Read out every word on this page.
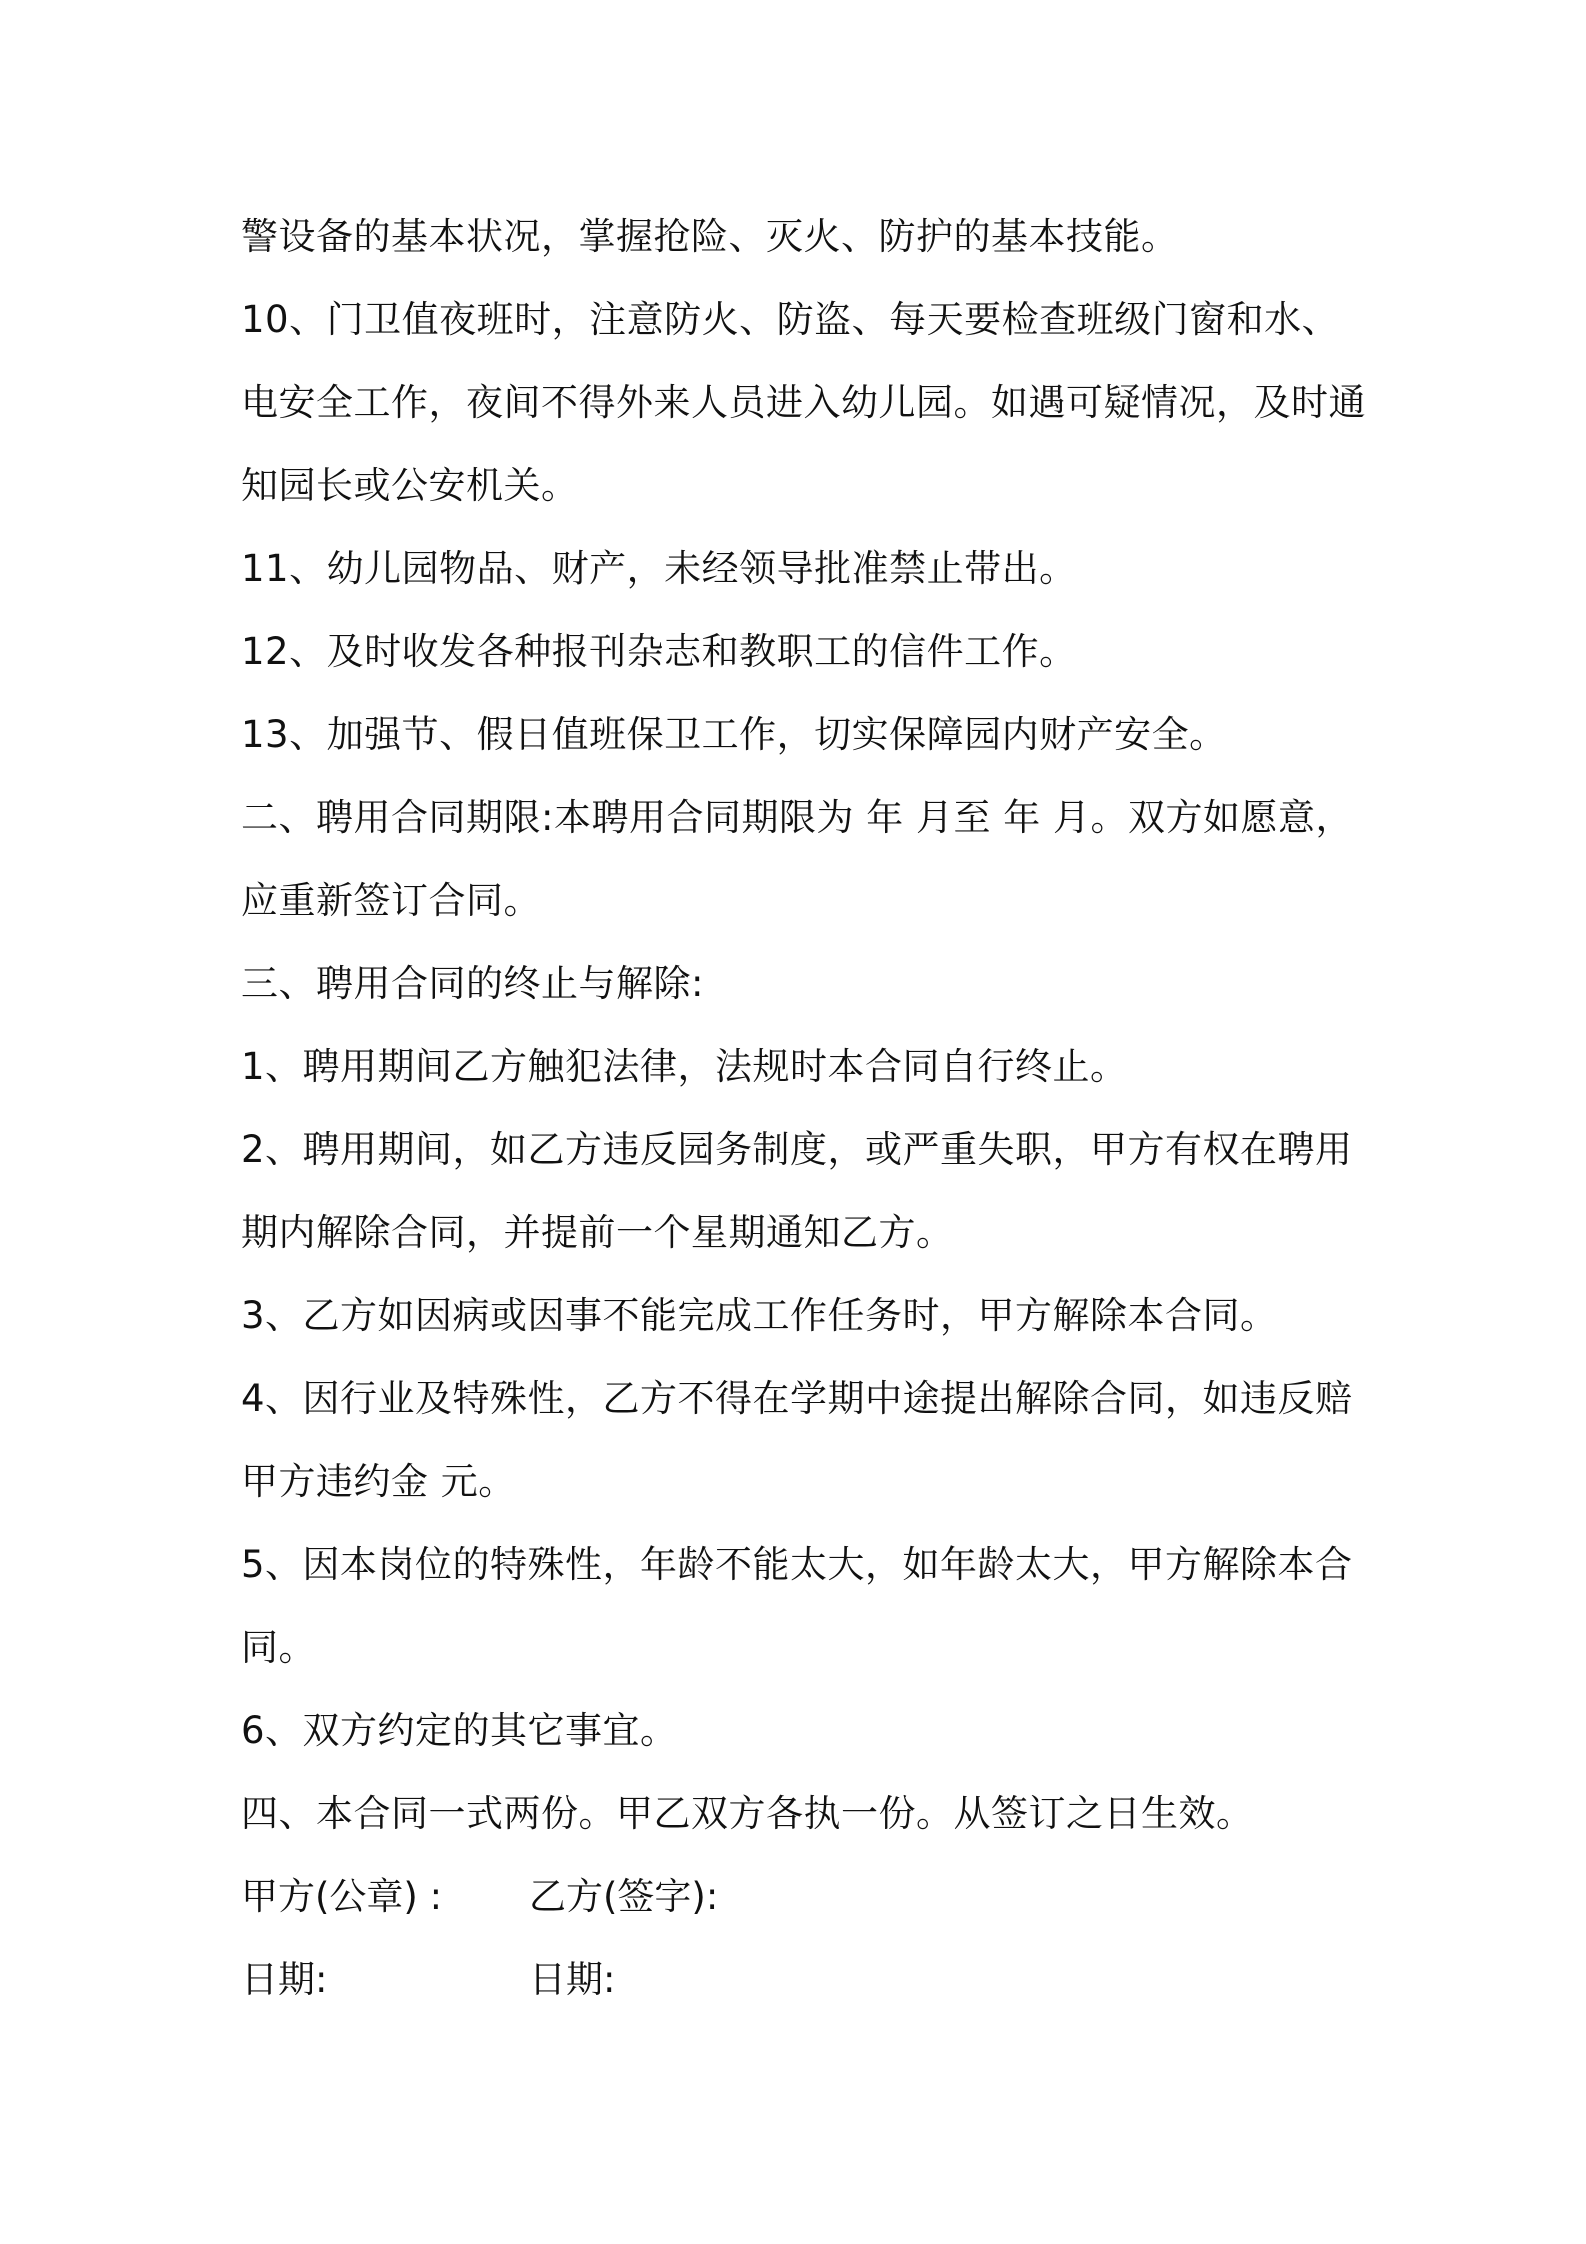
警设备的基本状况，掌握抢险、灭火、防护的基本技能。
10、门卫值夜班时，注意防火、防盗、每天要检查班级门窗和水、
电安全工作，夜间不得外来人员进入幼儿园。如遇可疑情况，及时通
知园长或公安机关。
11、幼儿园物品、财产，未经领导批准禁止带出。
12、及时收发各种报刊杂志和教职工的信件工作。
13、加强节、假日值班保卫工作，切实保障园内财产安全。
二、聘用合同期限:本聘用合同期限为 年 月至 年 月。双方如愿意，
应重新签订合同。
三、聘用合同的终止与解除:
1、聘用期间乙方触犯法律，法规时本合同自行终止。
2、聘用期间，如乙方违反园务制度，或严重失职，甲方有权在聘用
期内解除合同，并提前一个星期通知乙方。
3、乙方如因病或因事不能完成工作任务时，甲方解除本合同。
4、因行业及特殊性，乙方不得在学期中途提出解除合同，如违反赔
甲方违约金 元。
5、因本岗位的特殊性，年龄不能太大，如年龄太大，甲方解除本合
同。
6、双方约定的其它事宜。
四、本合同一式两份。甲乙双方各执一份。从签订之日生效。
甲方(公章) : 乙方(签字):
日期:	日期:
